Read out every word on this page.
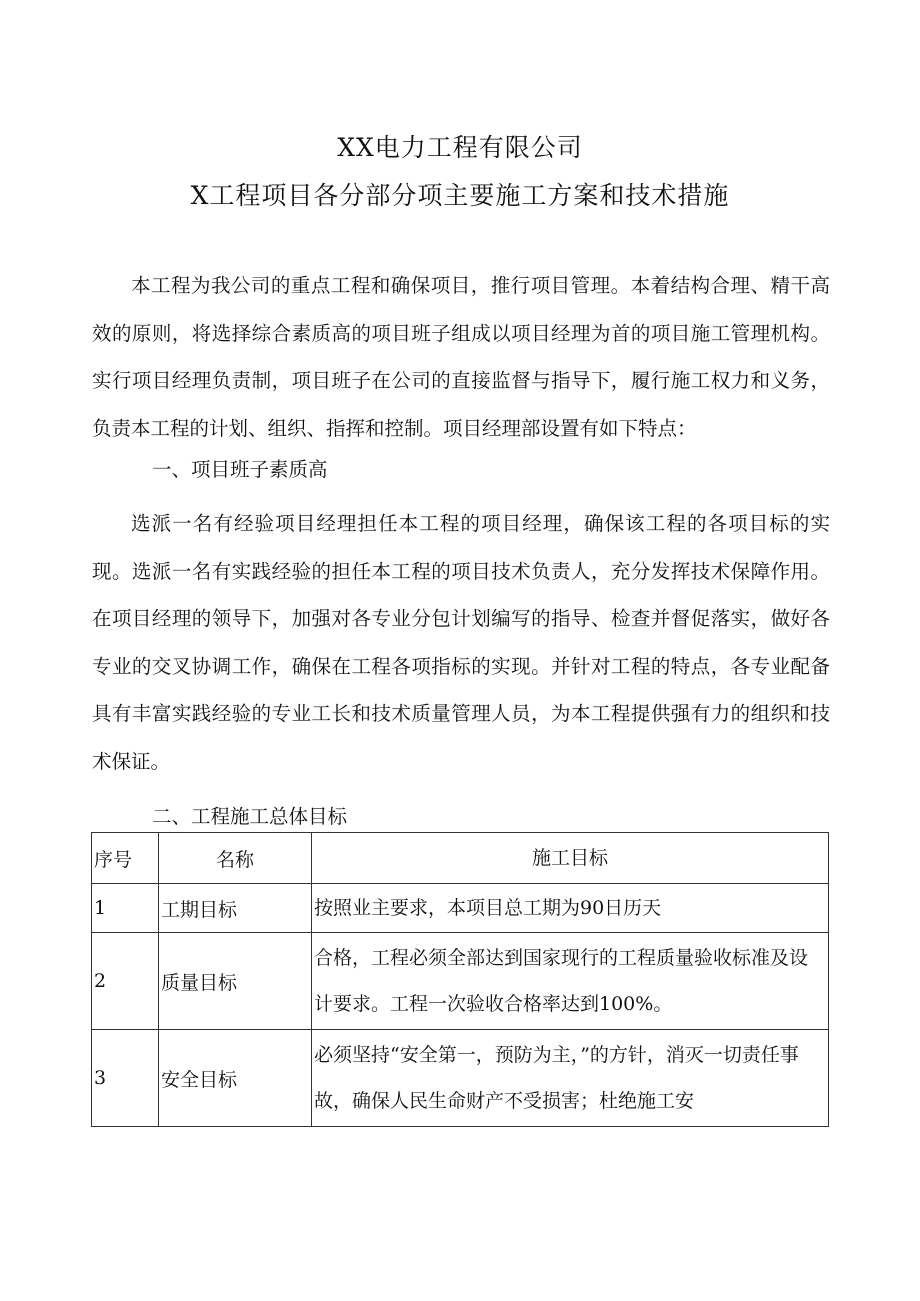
XX电力工程有限公司
X工程项目各分部分项主要施工方案和技术措施

本工程为我公司的重点工程和确保项目，推行项目管理。本着结构合理、精干高效的原则，将选择综合素质高的项目班子组成以项目经理为首的项目施工管理机构。实行项目经理负责制，项目班子在公司的直接监督与指导下，履行施工权力和义务，负责本工程的计划、组织、指挥和控制。项目经理部设置有如下特点：

一、项目班子素质高

选派一名有经验项目经理担任本工程的项目经理，确保该工程的各项目标的实现。选派一名有实践经验的担任本工程的项目技术负责人，充分发挥技术保障作用。在项目经理的领导下，加强对各专业分包计划编写的指导、检查并督促落实，做好各专业的交叉协调工作，确保在工程各项指标的实现。并针对工程的特点，各专业配备具有丰富实践经验的专业工长和技术质量管理人员，为本工程提供强有力的组织和技术保证。

二、工程施工总体目标
序号	名称	施工目标
1	工期目标	按照业主要求，本项目总工期为90日历天
2	质量目标	合格，工程必须全部达到国家现行的工程质量验收标准及设计要求。工程一次验收合格率达到100%。
3	安全目标	必须坚持“安全第一，预防为主，”的方针，消灭一切责任事故，确保人民生命财产不受损害；杜绝施工安
